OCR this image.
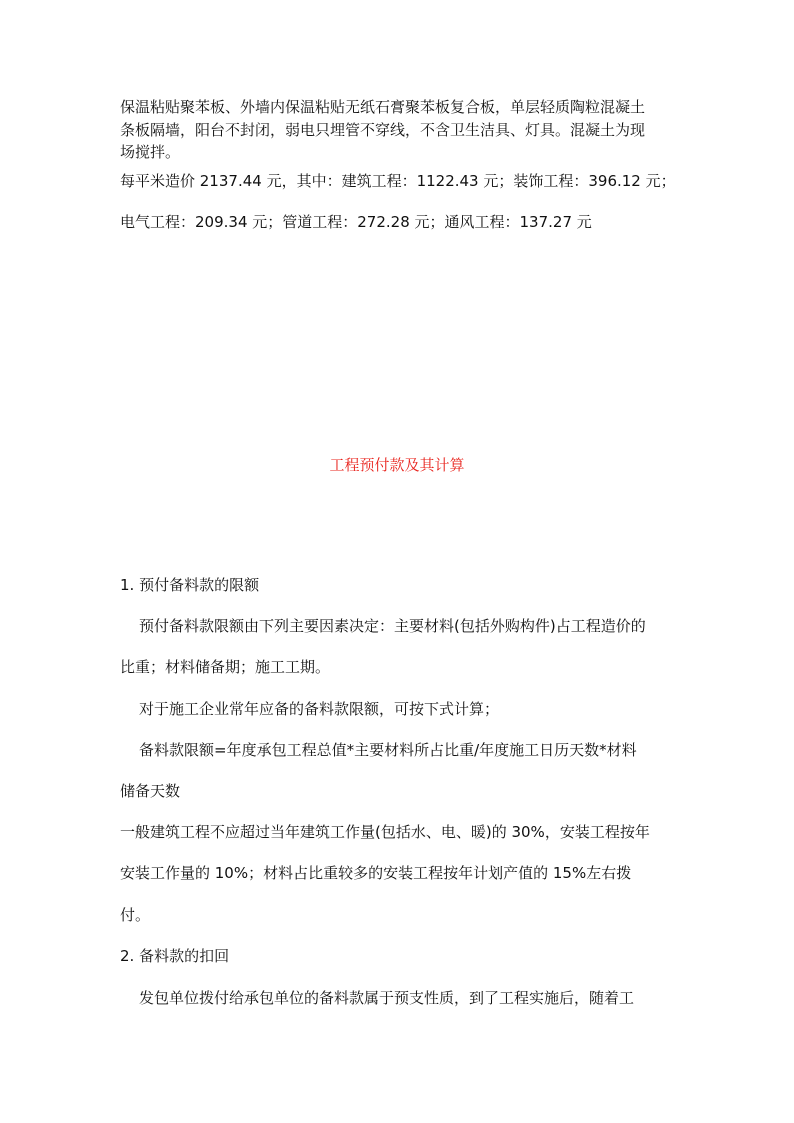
保温粘贴聚苯板、外墙内保温粘贴无纸石膏聚苯板复合板，单层轻质陶粒混凝土
条板隔墙，阳台不封闭，弱电只埋管不穿线，不含卫生洁具、灯具。混凝土为现
场搅拌。
每平米造价 2137.44 元，其中：建筑工程：1122.43 元；装饰工程：396.12 元；
电气工程：209.34 元；管道工程：272.28 元；通风工程：137.27 元
工程预付款及其计算
1. 预付备料款的限额
预付备料款限额由下列主要因素决定：主要材料(包括外购构件)占工程造价的
比重；材料储备期；施工工期。
对于施工企业常年应备的备料款限额，可按下式计算；
备料款限额=年度承包工程总值*主要材料所占比重/年度施工日历天数*材料
储备天数
一般建筑工程不应超过当年建筑工作量(包括水、电、暖)的 30%，安装工程按年
安装工作量的 10%；材料占比重较多的安装工程按年计划产值的 15%左右拨
付。
2. 备料款的扣回
发包单位拨付给承包单位的备料款属于预支性质，到了工程实施后，随着工
